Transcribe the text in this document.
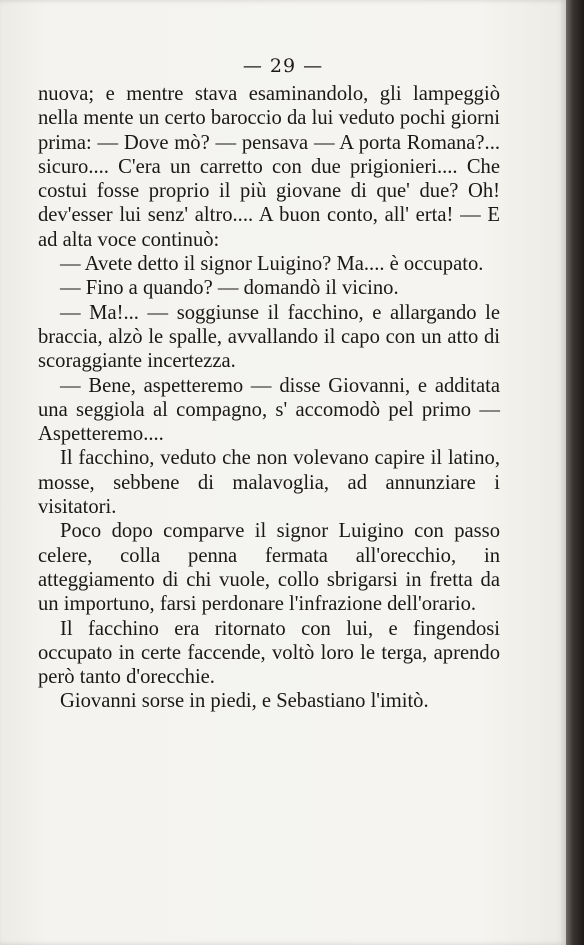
— 29 —

nuova; e mentre stava esaminandolo, gli lampeggiò nella mente un certo baroccio da lui veduto pochi giorni prima: — Dove mò? — pensava — A porta Romana?... sicuro.... C'era un carretto con due prigionieri.... Che costui fosse proprio il più giovane di que' due? Oh! dev'esser lui senz' altro.... A buon conto, all' erta! — E ad alta voce continuò:

— Avete detto il signor Luigino? Ma.... è occupato.

— Fino a quando? — domandò il vicino.

— Ma!... — soggiunse il facchino, e allargando le braccia, alzò le spalle, avvallando il capo con un atto di scoraggiante incertezza.

— Bene, aspetteremo — disse Giovanni, e additata una seggiola al compagno, s' accomodò pel primo — Aspetteremo....

Il facchino, veduto che non volevano capire il latino, mosse, sebbene di malavoglia, ad annunziare i visitatori.

Poco dopo comparve il signor Luigino con passo celere, colla penna fermata all'orecchio, in atteggiamento di chi vuole, collo sbrigarsi in fretta da un importuno, farsi perdonare l'infrazione dell'orario.

Il facchino era ritornato con lui, e fingendosi occupato in certe faccende, voltò loro le terga, aprendo però tanto d'orecchie.

Giovanni sorse in piedi, e Sebastiano l'imitò.
